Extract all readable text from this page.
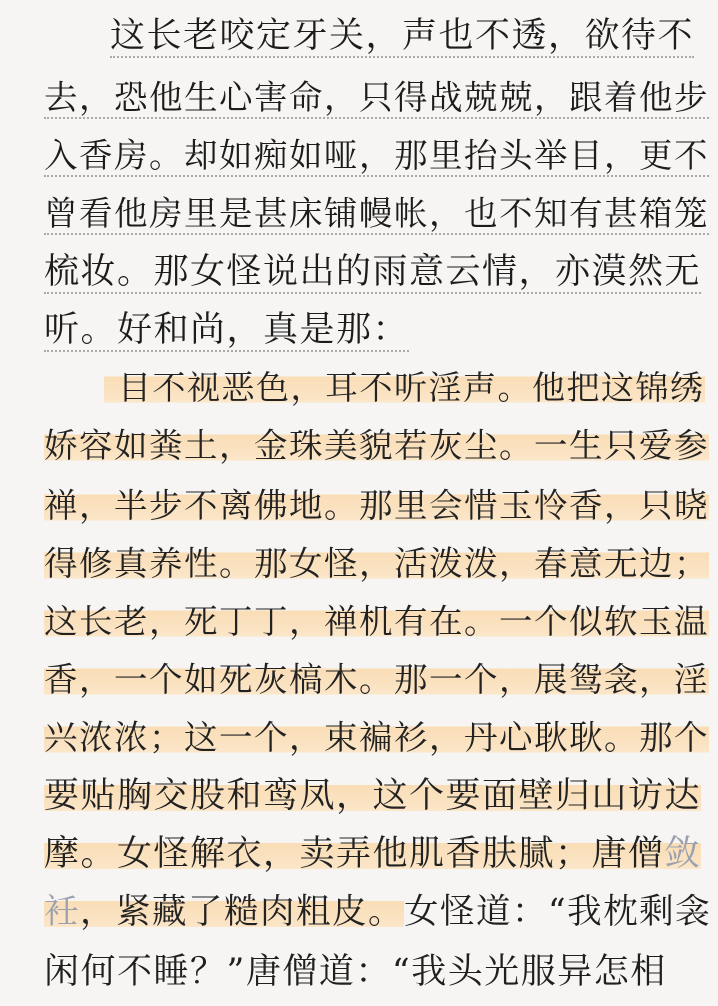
这长老咬定牙关，声也不透，欲待不
去，恐他生心害命，只得战兢兢，跟着他步
入香房。却如痴如哑，那里抬头举目，更不
曾看他房里是甚床铺幔帐，也不知有甚箱笼
梳妆。那女怪说出的雨意云情，亦漠然无
听。好和尚，真是那：
目不视恶色，耳不听淫声。他把这锦绣
娇容如粪土，金珠美貌若灰尘。一生只爱参
禅，半步不离佛地。那里会惜玉怜香，只晓
得修真养性。那女怪，活泼泼，春意无边；
这长老，死丁丁，禅机有在。一个似软玉温
香，一个如死灰槁木。那一个，展鸳衾，淫
兴浓浓；这一个，束褊衫，丹心耿耿。那个
要贴胸交股和鸾凤，这个要面壁归山访达
摩。女怪解衣，卖弄他肌香肤腻；唐僧敛
衽，紧藏了糙肉粗皮。女怪道：“我枕剩衾
闲何不睡？”唐僧道：“我头光服异怎相
